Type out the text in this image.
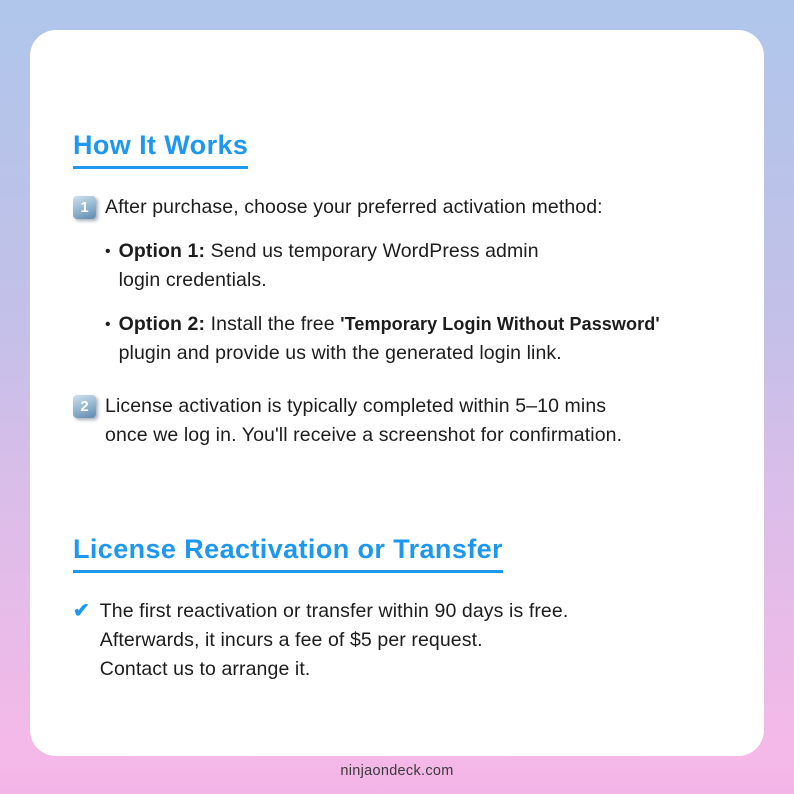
How It Works
1 After purchase, choose your preferred activation method:
• Option 1: Send us temporary WordPress admin
login credentials.
• Option 2: Install the free 'Temporary Login Without Password'
plugin and provide us with the generated login link.
2 License activation is typically completed within 5–10 mins
once we log in. You'll receive a screenshot for confirmation.
License Reactivation or Transfer
✔ The first reactivation or transfer within 90 days is free.
Afterwards, it incurs a fee of $5 per request.
Contact us to arrange it.
ninjaondeck.com
